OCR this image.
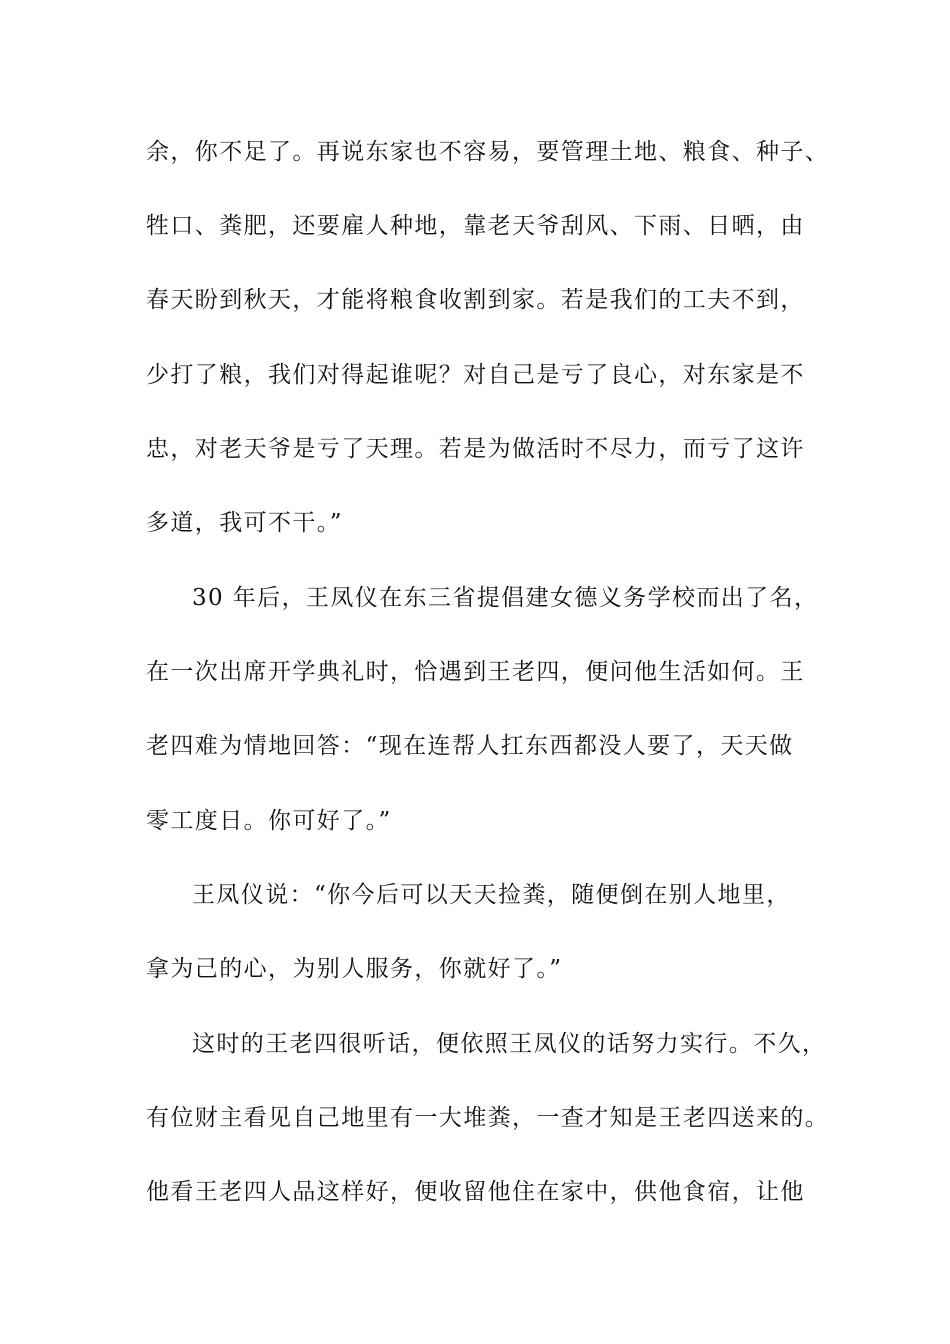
余，你不足了。再说东家也不容易，要管理土地、粮食、种子、
牲口、粪肥，还要雇人种地，靠老天爷刮风、下雨、日晒，由
春天盼到秋天，才能将粮食收割到家。若是我们的工夫不到，
少打了粮，我们对得起谁呢？对自己是亏了良心，对东家是不
忠，对老天爷是亏了天理。若是为做活时不尽力，而亏了这许
多道，我可不干。”
30 年后，王凤仪在东三省提倡建女德义务学校而出了名，
在一次出席开学典礼时，恰遇到王老四，便问他生活如何。王
老四难为情地回答：“现在连帮人扛东西都没人要了，天天做
零工度日。你可好了。”
王凤仪说：“你今后可以天天捡粪，随便倒在别人地里，
拿为己的心，为别人服务，你就好了。”
这时的王老四很听话，便依照王凤仪的话努力实行。不久，
有位财主看见自己地里有一大堆粪，一查才知是王老四送来的。
他看王老四人品这样好，便收留他住在家中，供他食宿，让他
